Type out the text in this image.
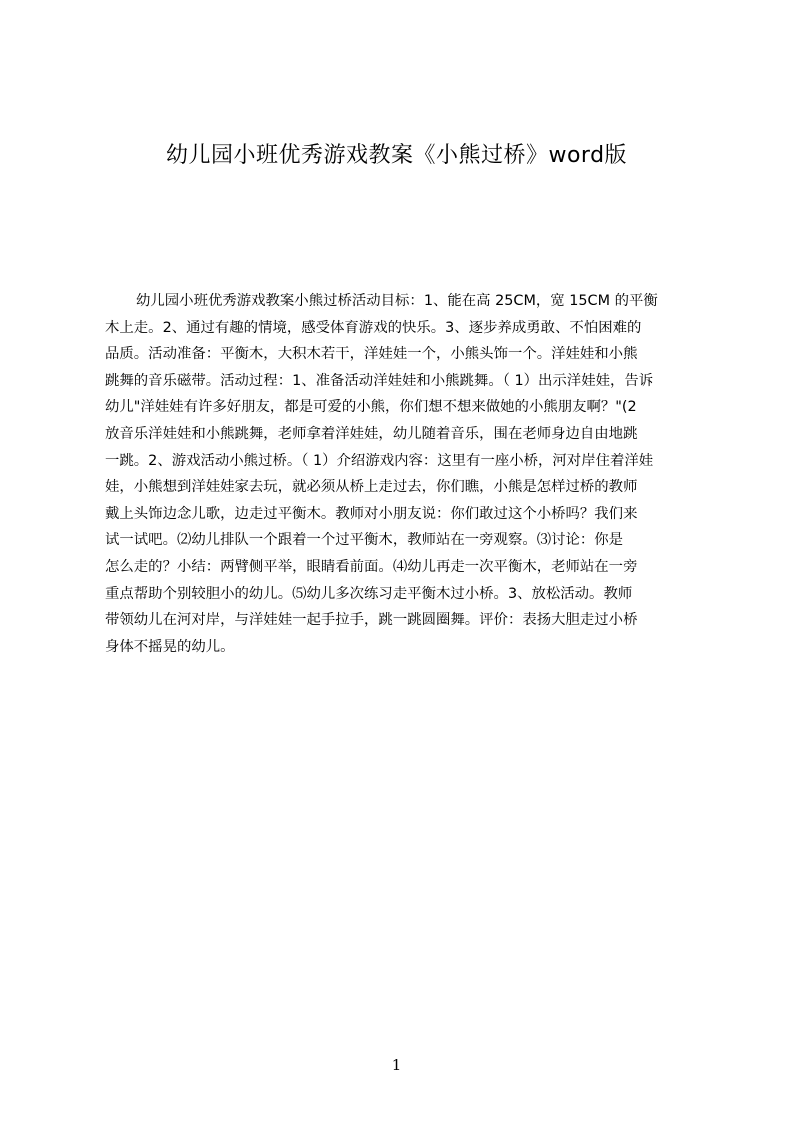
幼儿园小班优秀游戏教案《小熊过桥》word版
幼儿园小班优秀游戏教案小熊过桥活动目标：1、能在高 25CM，宽 15CM 的平衡
木上走。2、通过有趣的情境，感受体育游戏的快乐。3、逐步养成勇敢、不怕困难的
品质。活动准备：平衡木，大积木若干，洋娃娃一个，小熊头饰一个。洋娃娃和小熊
跳舞的音乐磁带。活动过程：1、准备活动洋娃娃和小熊跳舞。（ 1）出示洋娃娃，告诉
幼儿"洋娃娃有许多好朋友，都是可爱的小熊，你们想不想来做她的小熊朋友啊？"(2
放音乐洋娃娃和小熊跳舞，老师拿着洋娃娃，幼儿随着音乐，围在老师身边自由地跳
一跳。2、游戏活动小熊过桥。（ 1）介绍游戏内容：这里有一座小桥，河对岸住着洋娃
娃，小熊想到洋娃娃家去玩，就必须从桥上走过去，你们瞧，小熊是怎样过桥的教师
戴上头饰边念儿歌，边走过平衡木。教师对小朋友说：你们敢过这个小桥吗？我们来
试一试吧。⑵幼儿排队一个跟着一个过平衡木，教师站在一旁观察。⑶讨论：你是
怎么走的？小结：两臂侧平举，眼睛看前面。⑷幼儿再走一次平衡木，老师站在一旁
重点帮助个别较胆小的幼儿。⑸幼儿多次练习走平衡木过小桥。3、放松活动。教师
带领幼儿在河对岸，与洋娃娃一起手拉手，跳一跳圆圈舞。评价：表扬大胆走过小桥
身体不摇晃的幼儿。
1
